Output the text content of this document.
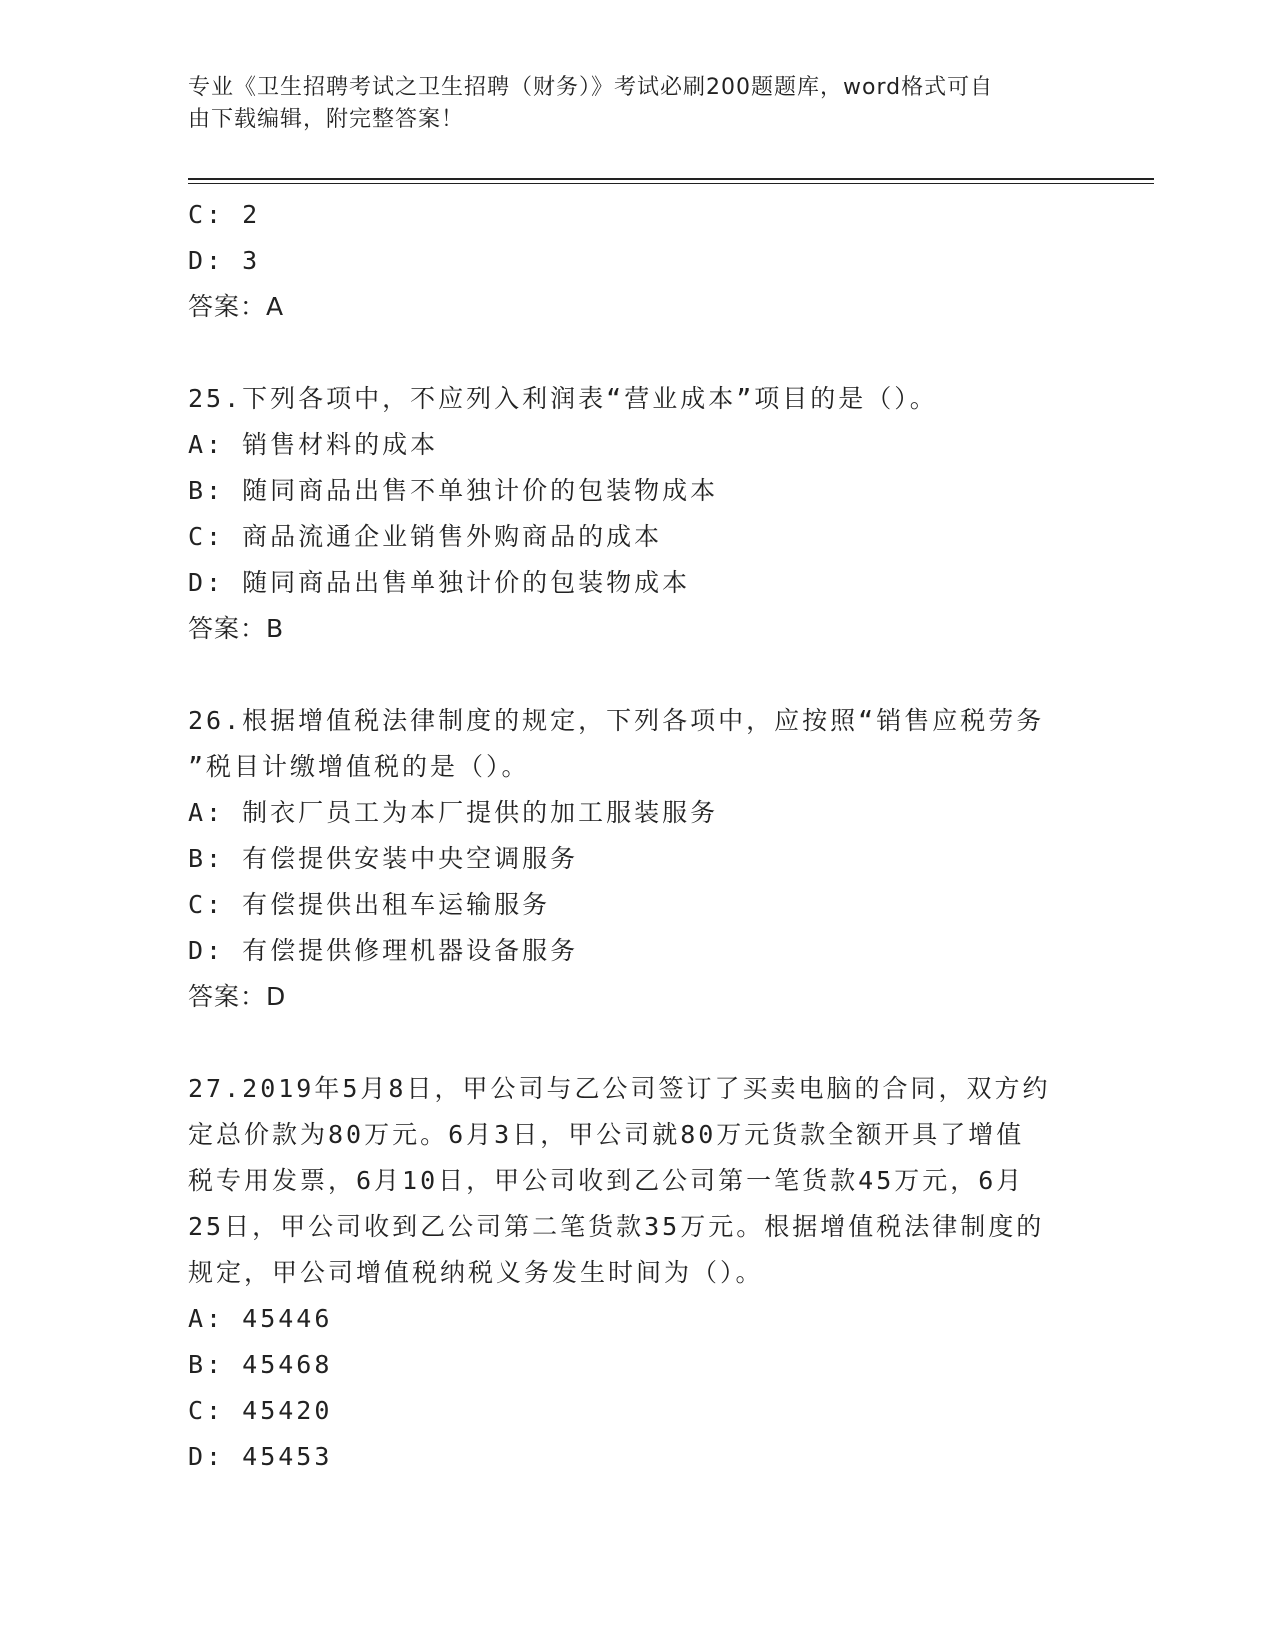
专业《卫生招聘考试之卫生招聘（财务）》考试必刷200题题库，word格式可自
由下载编辑，附完整答案！
C: 2
D: 3
答案：A
25.下列各项中，不应列入利润表“营业成本”项目的是（）。
A: 销售材料的成本
B: 随同商品出售不单独计价的包装物成本
C: 商品流通企业销售外购商品的成本
D: 随同商品出售单独计价的包装物成本
答案：B
26.根据增值税法律制度的规定，下列各项中，应按照“销售应税劳务
”税目计缴增值税的是（）。
A: 制衣厂员工为本厂提供的加工服装服务
B: 有偿提供安装中央空调服务
C: 有偿提供出租车运输服务
D: 有偿提供修理机器设备服务
答案：D
27.2019年5月8日，甲公司与乙公司签订了买卖电脑的合同，双方约
定总价款为80万元。6月3日，甲公司就80万元货款全额开具了增值
税专用发票，6月10日，甲公司收到乙公司第一笔货款45万元，6月
25日，甲公司收到乙公司第二笔货款35万元。根据增值税法律制度的
规定，甲公司增值税纳税义务发生时间为（）。
A: 45446
B: 45468
C: 45420
D: 45453
